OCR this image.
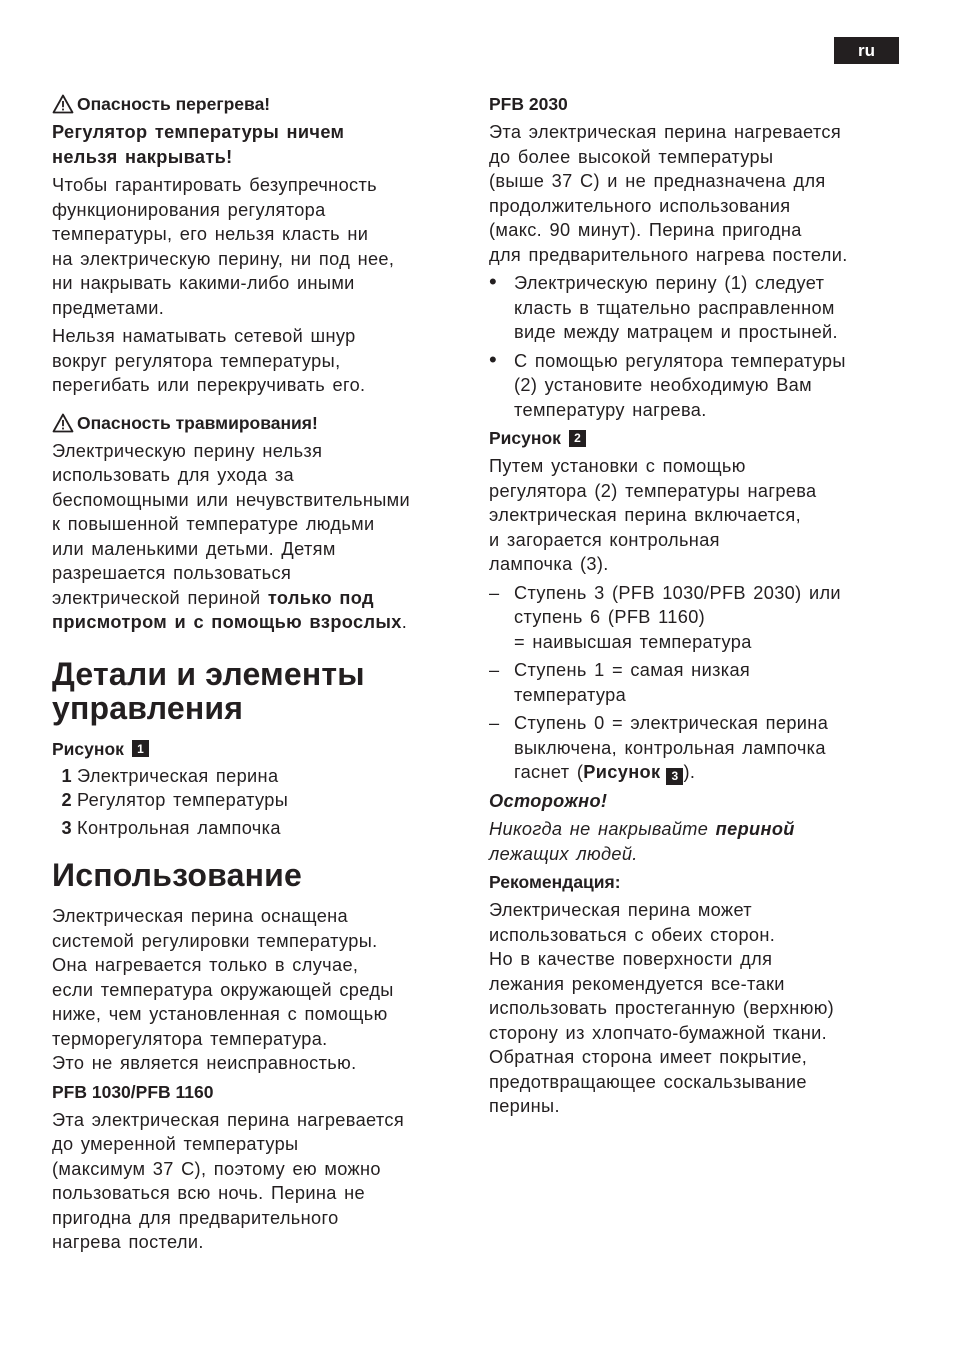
ru
Опасность перегрева!

Регулятор температуры ничем
нельзя накрывать!

Чтобы гарантировать безупречность
функционирования регулятора
температуры, его нельзя класть ни
на электрическую перину, ни под нее,
ни накрывать какими-либо иными
предметами.

Нельзя наматывать сетевой шнур
вокруг регулятора температуры,
перегибать или перекручивать его.

Опасность травмирования!

Электрическую перину нельзя
использовать для ухода за
беспомощными или нечувствительными
к повышенной температуре людьми
или маленькими детьми. Детям
разрешается пользоваться
электрической периной только под
присмотром и с помощью взрослых.

Детали и элементы
управления
Рисунок	1
1 Электрическая перина
2 Регулятор температуры
3 Контрольная лампочка
Использование

Электрическая перина оснащена
системой регулировки температуры.
Она нагревается только в случае,
если температура окружающей среды
ниже, чем установленная с помощью
терморегулятора температура.
Это не является неисправностью.

PFB 1030/PFB 1160

Эта электрическая перина нагревается
до умеренной температуры
(максимум 37 C), поэтому ею можно
пользоваться всю ночь. Перина не
пригодна для предварительного
нагрева постели.

PFB 2030

Эта электрическая перина нагревается
до более высокой температуры
(выше 37 C) и не предназначена для
продолжительного использования
(макс. 90 минут). Перина пригодна
для предварительного нагрева постели.

• Электрическую перину (1) следует
класть в тщательно расправленном
виде между матрацем и простыней.
• С помощью регулятора температуры
(2) установите необходимую Вам
температуру нагрева.
Рисунок	2

Путем установки с помощью
регулятора (2) температуры нагрева
электрическая перина включается,
и загорается контрольная
лампочка (3).

– Ступень 3 (PFB 1030/PFB 2030) или
ступень 6 (PFB 1160)
= наивысшая температура
– Ступень 1 = самая низкая
температура
– Ступень 0 = электрическая перина
выключена, контрольная лампочка
гаснет (Рисунок 3 ).

Осторожно!

Никогда не накрывайте периной
лежащих людей.

Рекомендация:

Электрическая перина может
использоваться с обеих сторон.
Но в качестве поверхности для
лежания рекомендуется все-таки
использовать простеганную (верхнюю)
сторону из хлопчато-бумажной ткани.
Обратная сторона имеет покрытие,
предотвращающее соскальзывание
перины.
